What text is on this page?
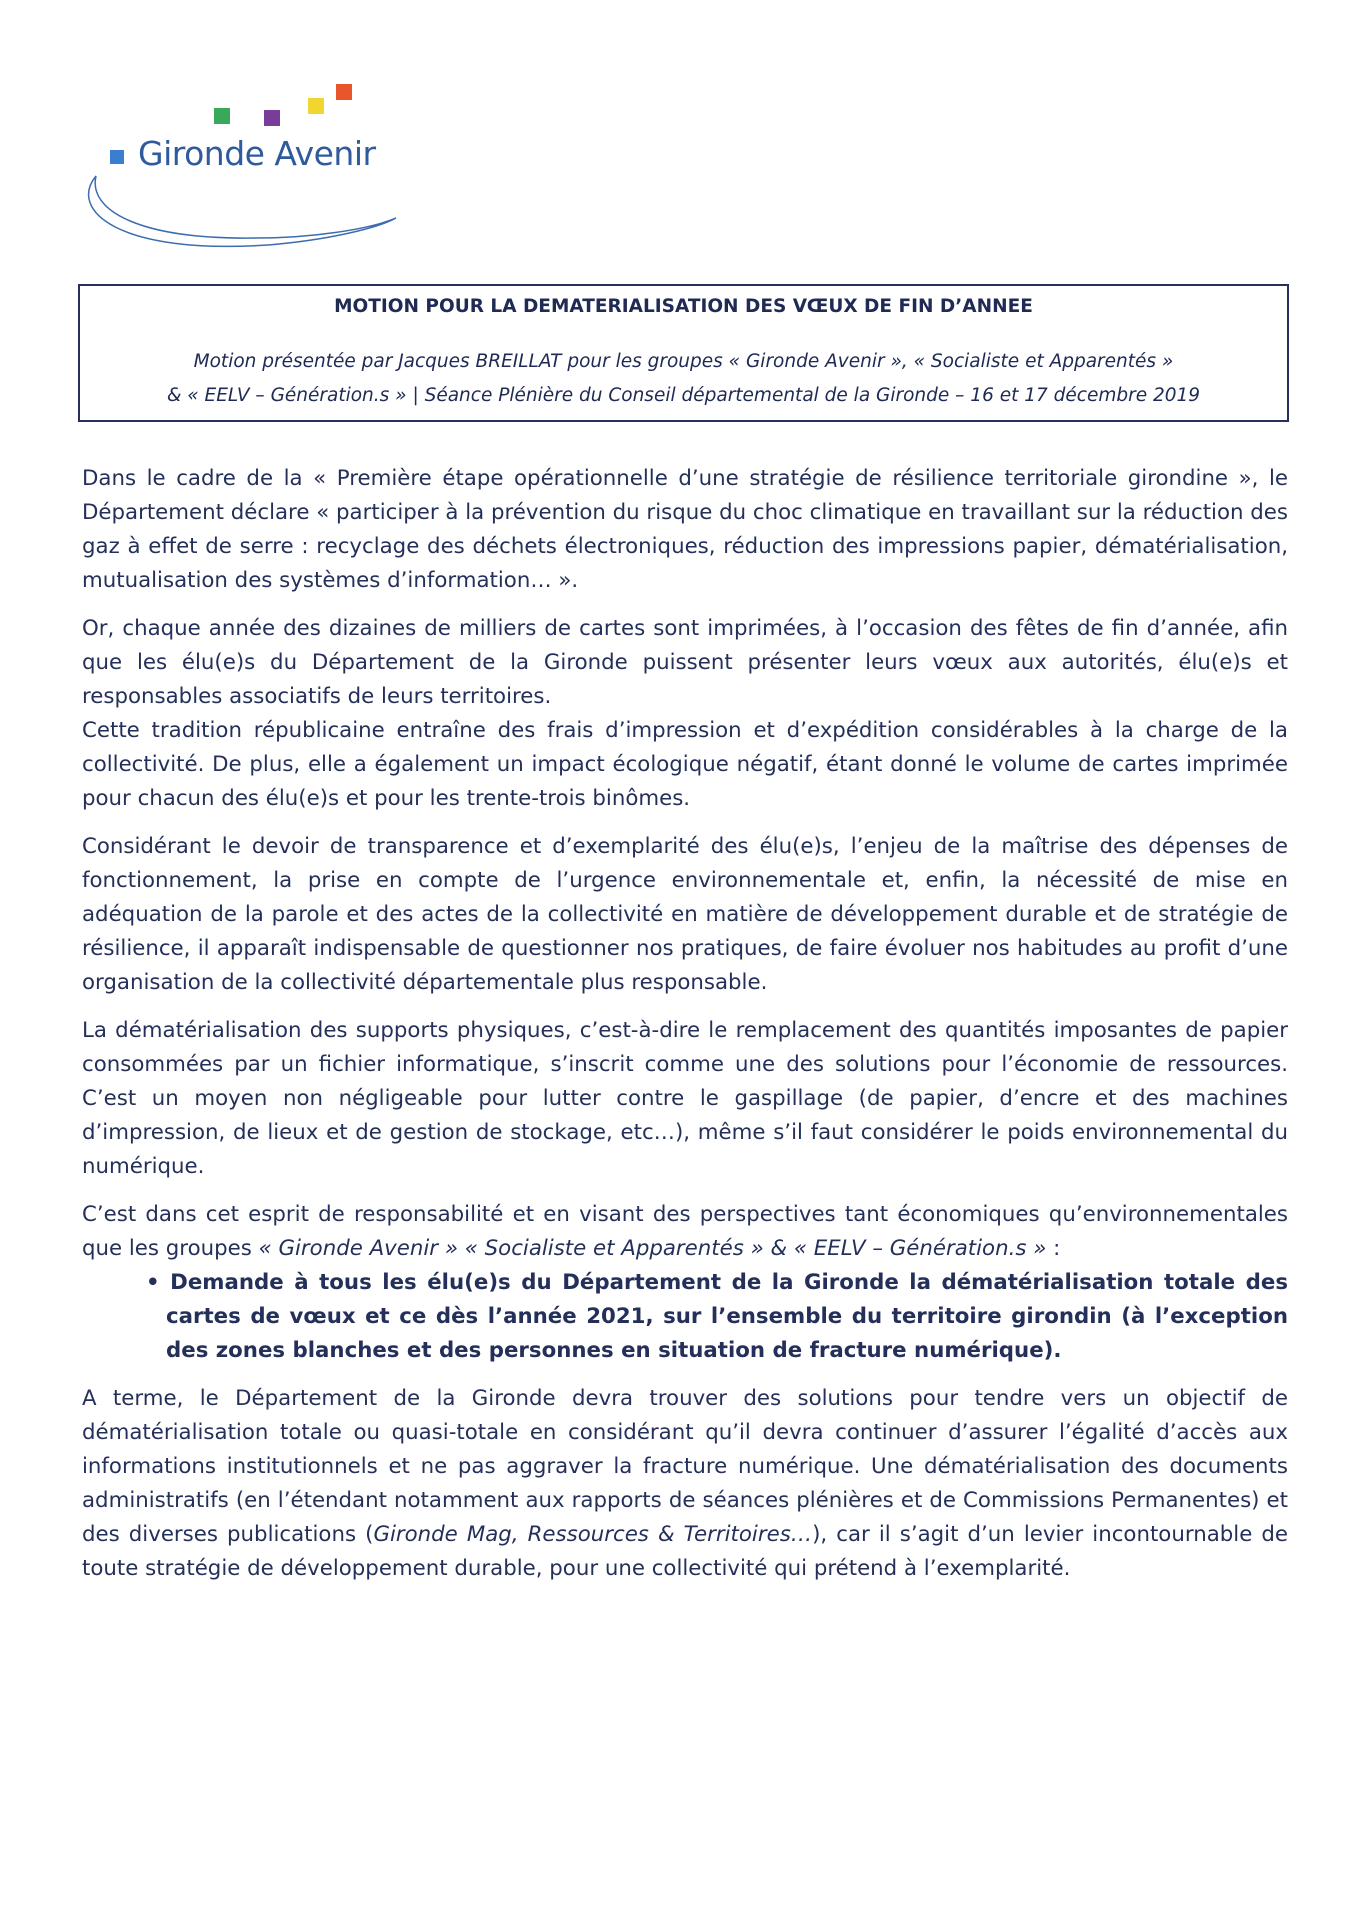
Gironde Avenir
MOTION POUR LA DEMATERIALISATION DES VŒUX DE FIN D’ANNEE
Motion présentée par Jacques BREILLAT pour les groupes « Gironde Avenir », « Socialiste et Apparentés »
& « EELV – Génération.s » | Séance Plénière du Conseil départemental de la Gironde – 16 et 17 décembre 2019

Dans le cadre de la « Première étape opérationnelle d’une stratégie de résilience territoriale girondine », le Département déclare « participer à la prévention du risque du choc climatique en travaillant sur la réduction des gaz à effet de serre : recyclage des déchets électroniques, réduction des impressions papier, dématérialisation, mutualisation des systèmes d’information… ».

Or, chaque année des dizaines de milliers de cartes sont imprimées, à l’occasion des fêtes de fin d’année, afin que les élu(e)s du Département de la Gironde puissent présenter leurs vœux aux autorités, élu(e)s et responsables associatifs de leurs territoires.

Cette tradition républicaine entraîne des frais d’impression et d’expédition considérables à la charge de la collectivité. De plus, elle a également un impact écologique négatif, étant donné le volume de cartes imprimée pour chacun des élu(e)s et pour les trente-trois binômes.

Considérant le devoir de transparence et d’exemplarité des élu(e)s, l’enjeu de la maîtrise des dépenses de fonctionnement, la prise en compte de l’urgence environnementale et, enfin, la nécessité de mise en adéquation de la parole et des actes de la collectivité en matière de développement durable et de stratégie de résilience, il apparaît indispensable de questionner nos pratiques, de faire évoluer nos habitudes au profit d’une organisation de la collectivité départementale plus responsable.

La dématérialisation des supports physiques, c’est-à-dire le remplacement des quantités imposantes de papier consommées par un fichier informatique, s’inscrit comme une des solutions pour l’économie de ressources. C’est un moyen non négligeable pour lutter contre le gaspillage (de papier, d’encre et des machines d’impression, de lieux et de gestion de stockage, etc…), même s’il faut considérer le poids environnemental du numérique.

C’est dans cet esprit de responsabilité et en visant des perspectives tant économiques qu’environnementales que les groupes « Gironde Avenir » « Socialiste et Apparentés » & « EELV – Génération.s » :

• Demande à tous les élu(e)s du Département de la Gironde la dématérialisation totale des cartes de vœux et ce dès l’année 2021, sur l’ensemble du territoire girondin (à l’exception des zones blanches et des personnes en situation de fracture numérique).

A terme, le Département de la Gironde devra trouver des solutions pour tendre vers un objectif de dématérialisation totale ou quasi-totale en considérant qu’il devra continuer d’assurer l’égalité d’accès aux informations institutionnels et ne pas aggraver la fracture numérique. Une dématérialisation des documents administratifs (en l’étendant notamment aux rapports de séances plénières et de Commissions Permanentes) et des diverses publications (Gironde Mag, Ressources & Territoires…), car il s’agit d’un levier incontournable de toute stratégie de développement durable, pour une collectivité qui prétend à l’exemplarité.
